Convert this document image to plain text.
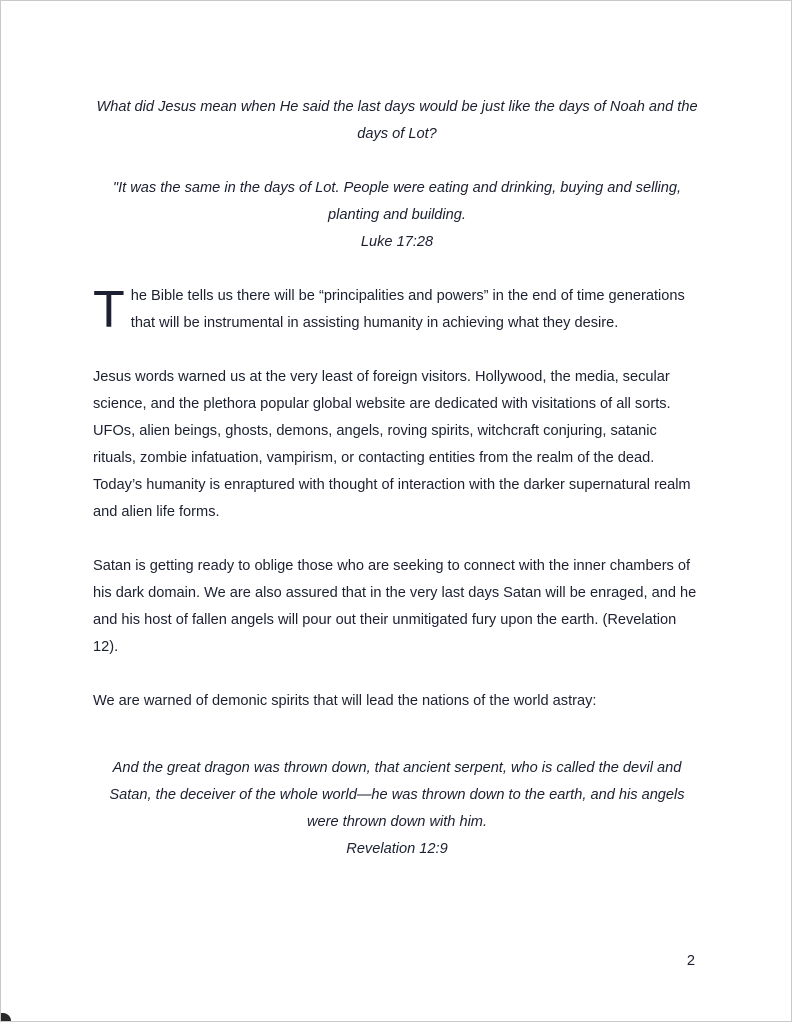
What did Jesus mean when He said the last days would be just like the days of Noah and the days of Lot?

"It was the same in the days of Lot. People were eating and drinking, buying and selling, planting and building.
Luke 17:28

The Bible tells us there will be “principalities and powers” in the end of time generations that will be instrumental in assisting humanity in achieving what they desire.

Jesus words warned us at the very least of foreign visitors. Hollywood, the media, secular science, and the plethora popular global website are dedicated with visitations of all sorts. UFOs, alien beings, ghosts, demons, angels, roving spirits, witchcraft conjuring, satanic rituals, zombie infatuation, vampirism, or contacting entities from the realm of the dead. Today’s humanity is enraptured with thought of interaction with the darker supernatural realm and alien life forms.

Satan is getting ready to oblige those who are seeking to connect with the inner chambers of his dark domain. We are also assured that in the very last days Satan will be enraged, and he and his host of fallen angels will pour out their unmitigated fury upon the earth. (Revelation 12).

We are warned of demonic spirits that will lead the nations of the world astray:

And the great dragon was thrown down, that ancient serpent, who is called the devil and Satan, the deceiver of the whole world—he was thrown down to the earth, and his angels were thrown down with him.
Revelation 12:9

2
